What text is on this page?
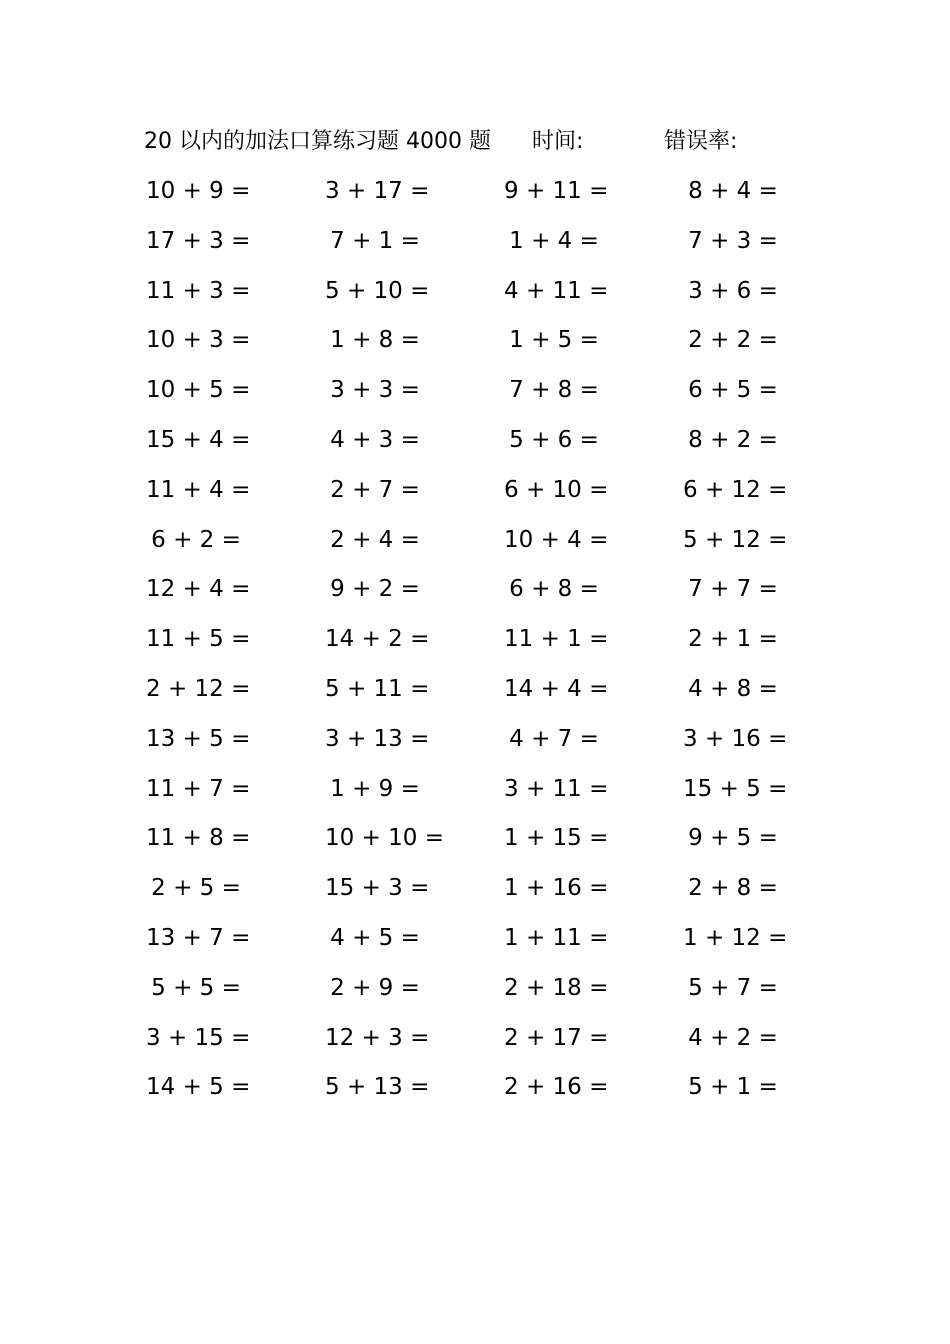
20 以内的加法口算练习题 4000 题 时间:	错误率:
10 + 9 =	3 + 17 =	9 + 11 =	8 + 4 =
17 + 3 =	7 + 1 =	1 + 4 =	7 + 3 =
11 + 3 =	5 + 10 =	4 + 11 =	3 + 6 =
10 + 3 =	1 + 8 =	1 + 5 =	2 + 2 =
10 + 5 =	3 + 3 =	7 + 8 =	6 + 5 =
15 + 4 =	4 + 3 =	5 + 6 =	8 + 2 =
11 + 4 =	2 + 7 =	6 + 10 =	6 + 12 =
6 + 2 =	2 + 4 =	10 + 4 =	5 + 12 =
12 + 4 =	9 + 2 =	6 + 8 =	7 + 7 =
11 + 5 =	14 + 2 =	11 + 1 =	2 + 1 =
2 + 12 =	5 + 11 =	14 + 4 =	4 + 8 =
13 + 5 =	3 + 13 =	4 + 7 =	3 + 16 =
11 + 7 =	1 + 9 =	3 + 11 =	15 + 5 =
11 + 8 =	10 + 10 =	1 + 15 =	9 + 5 =
2 + 5 =	15 + 3 =	1 + 16 =	2 + 8 =
13 + 7 =	4 + 5 =	1 + 11 =	1 + 12 =
5 + 5 =	2 + 9 =	2 + 18 =	5 + 7 =
3 + 15 =	12 + 3 =	2 + 17 =	4 + 2 =
14 + 5 =	5 + 13 =	2 + 16 =	5 + 1 =
